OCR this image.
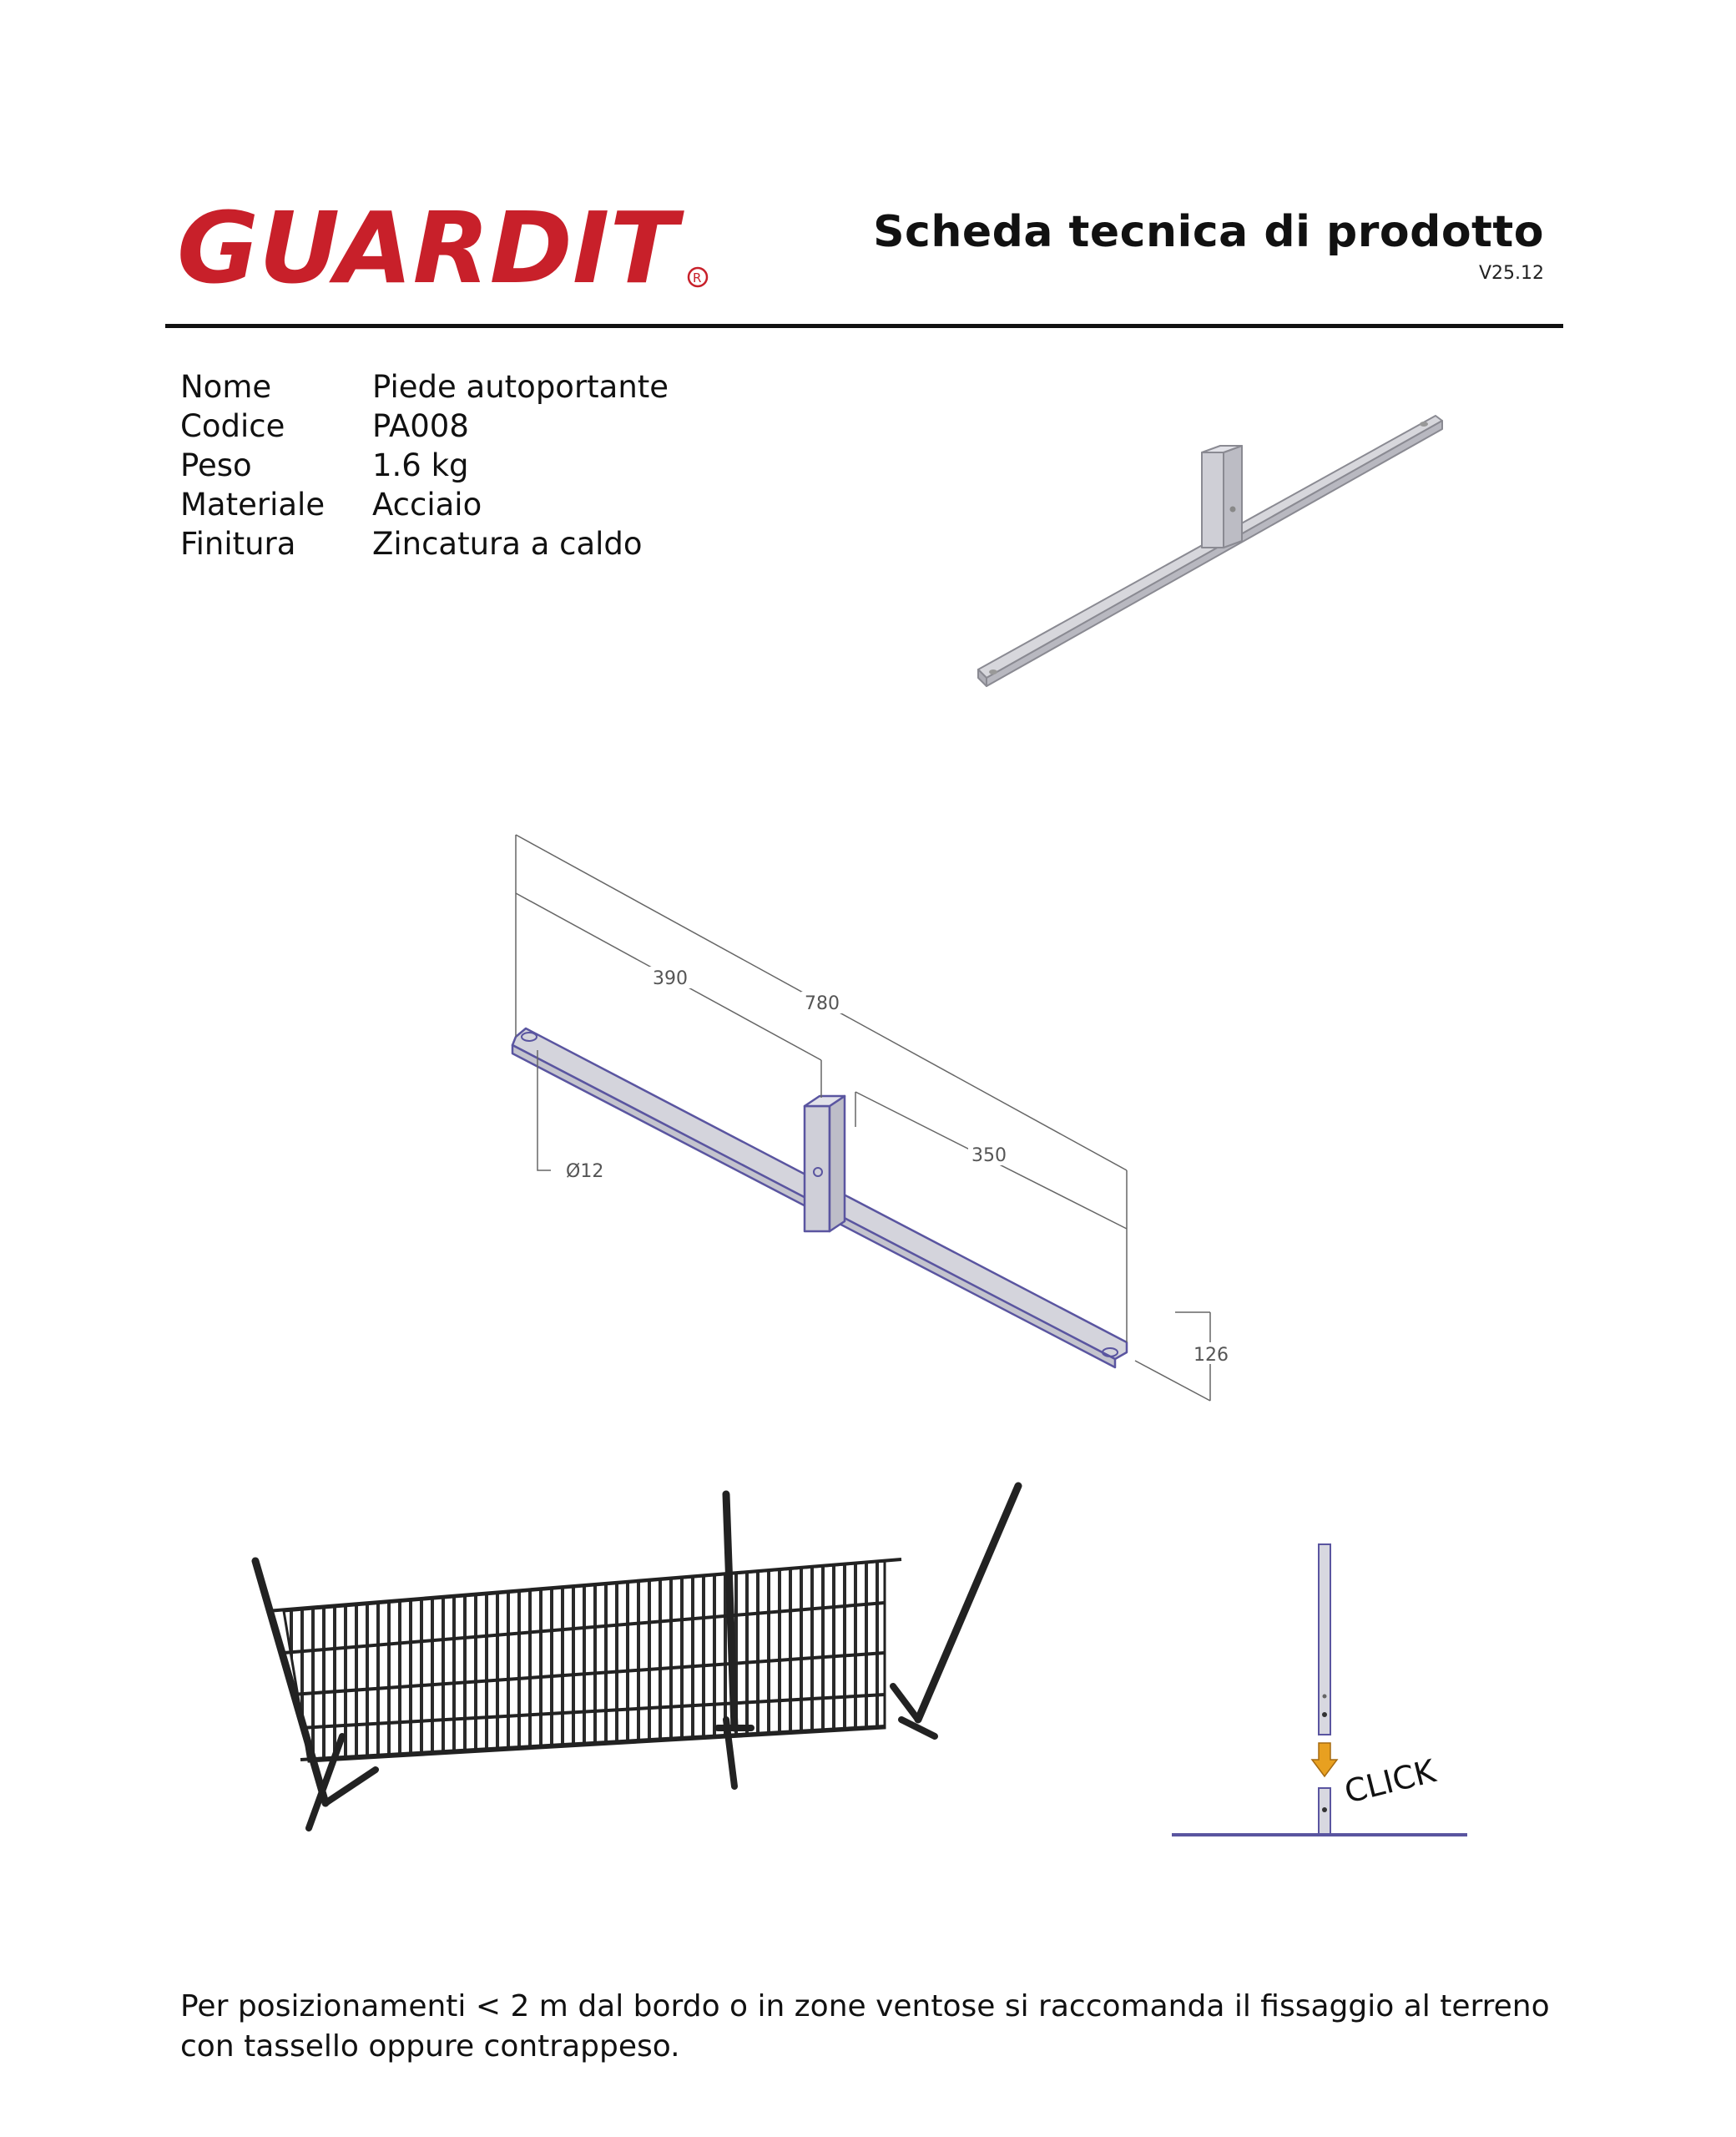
GUARDIT R
Scheda tecnica di prodotto
V25.12
Nome	Piede autoportante
Codice	PA008
Peso	1.6 kg
Materiale	Acciaio
Finitura	Zincatura a caldo
780
390
350
126
Ø12
CLICK
Per posizionamenti < 2 m dal bordo o in zone ventose si raccomanda il fissaggio al terreno con tassello oppure contrappeso.
